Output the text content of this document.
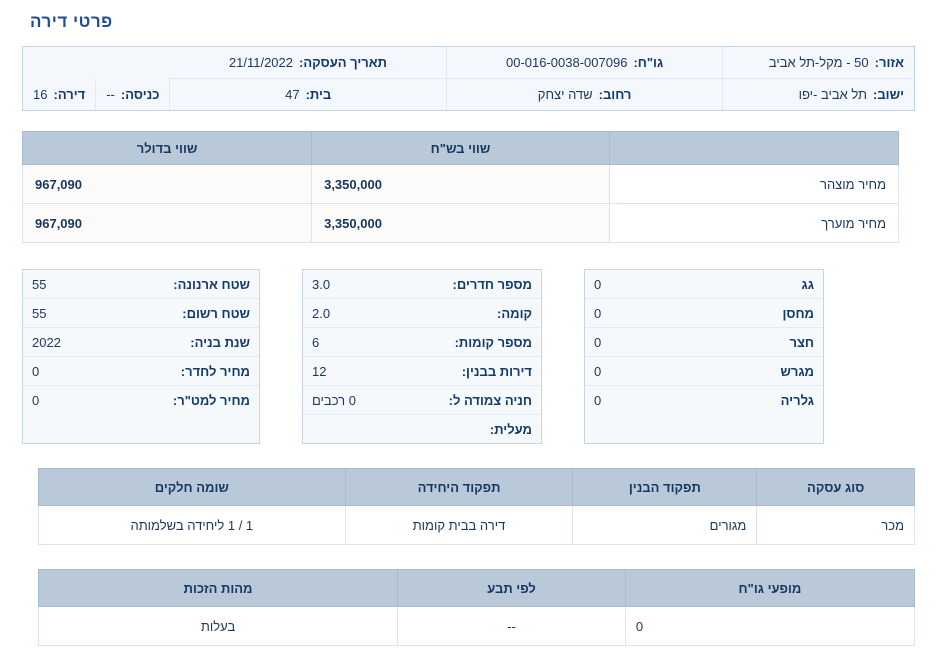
פרטי דירה
אזור:
50 - מקל-תל אביב	גו"ח:
00-016-0038-007096	תאריך העסקה:
21/11/2022		

ישוב:
תל אביב -יפו	רחוב:
שדה יצחק	בית:
47	כניסה:
--	דירה:
16
	שווי בש"ח	שווי בדולר
מחיר מוצהר	3,350,000	967,090
מחיר מוערך	3,350,000	967,090
שטח ארנונה:	55
שטח רשום:	55
שנת בניה:	2022
מחיר לחדר:	0
מחיר למט"ר:	0
מספר חדרים:	3.0
קומה:	2.0
מספר קומות:	6
דירות בבנין:	12
חניה צמודה ל:	0 רכבים
מעלית:	
גג	0
מחסן	0
חצר	0
מגרש	0
גלריה	0
סוג עסקה	תפקוד הבנין	תפקוד היחידה	שומה חלקים
מכר	מגורים	דירה בבית קומות	1 / 1 ליחידה בשלמותה
מופעי גו"ח	לפי תבע	מהות הזכות
0	--	בעלות
